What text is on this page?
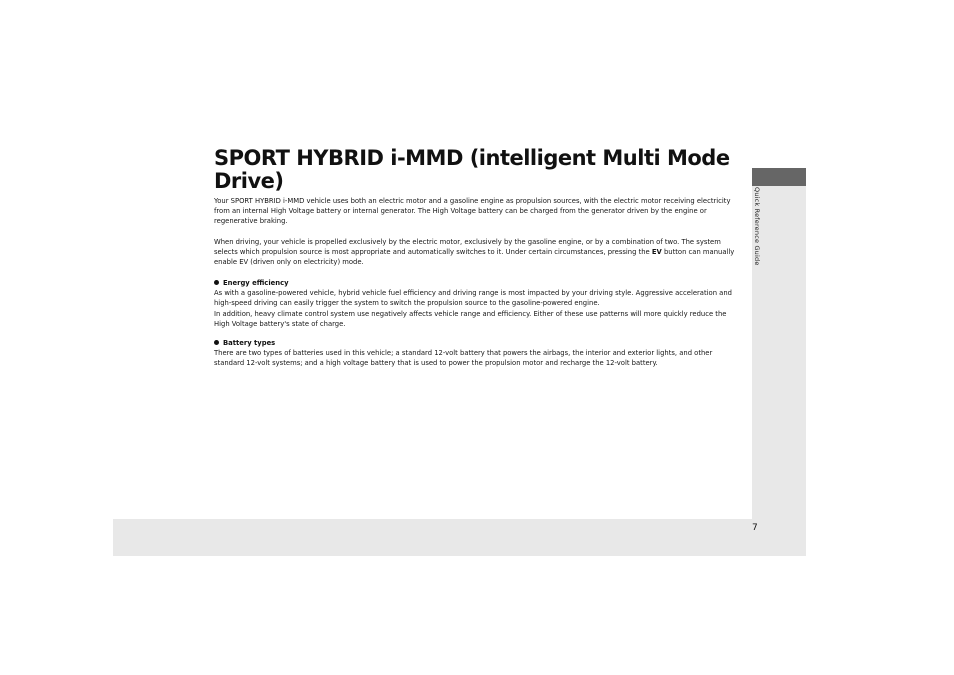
Quick Reference Guide
7
SPORT HYBRID i-MMD (intelligent Multi Mode Drive)

Your SPORT HYBRID i-MMD vehicle uses both an electric motor and a gasoline engine as propulsion sources, with the electric motor receiving electricity from an internal High Voltage battery or internal generator. The High Voltage battery can be charged from the generator driven by the engine or regenerative braking.

When driving, your vehicle is propelled exclusively by the electric motor, exclusively by the gasoline engine, or by a combination of two. The system selects which propulsion source is most appropriate and automatically switches to it. Under certain circumstances, pressing the EV button can manually enable EV (driven only on electricity) mode.

Energy efficiency

As with a gasoline-powered vehicle, hybrid vehicle fuel efficiency and driving range is most impacted by your driving style. Aggressive acceleration and high-speed driving can easily trigger the system to switch the propulsion source to the gasoline-powered engine.

In addition, heavy climate control system use negatively affects vehicle range and efficiency. Either of these use patterns will more quickly reduce the High Voltage battery's state of charge.

Battery types

There are two types of batteries used in this vehicle; a standard 12-volt battery that powers the airbags, the interior and exterior lights, and other standard 12-volt systems; and a high voltage battery that is used to power the propulsion motor and recharge the 12-volt battery.
